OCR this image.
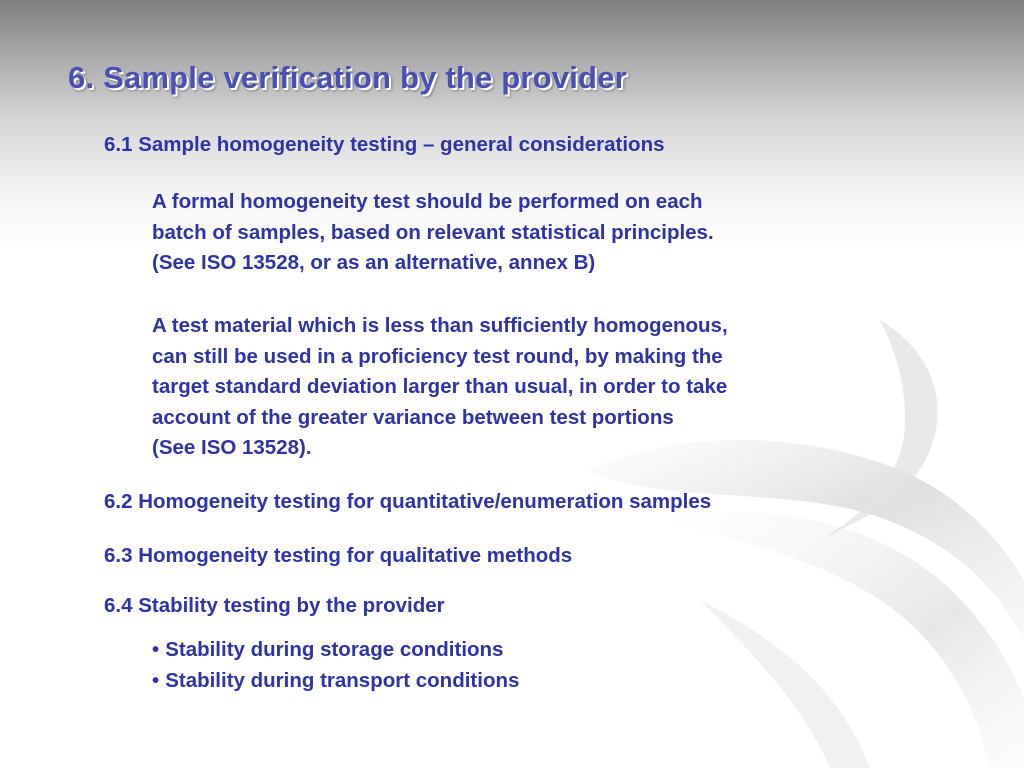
6. Sample verification by the provider

6.1 Sample homogeneity testing – general considerations

A formal homogeneity test should be performed on each
batch of samples, based on relevant statistical principles.
(See ISO 13528, or as an alternative, annex B)

A test material which is less than sufficiently homogenous,
can still be used in a proficiency test round, by making the
target standard deviation larger than usual, in order to take
account of the greater variance between test portions
(See ISO 13528).

6.2 Homogeneity testing for quantitative/enumeration samples

6.3 Homogeneity testing for qualitative methods

6.4 Stability testing by the provider

• Stability during storage conditions
• Stability during transport conditions
